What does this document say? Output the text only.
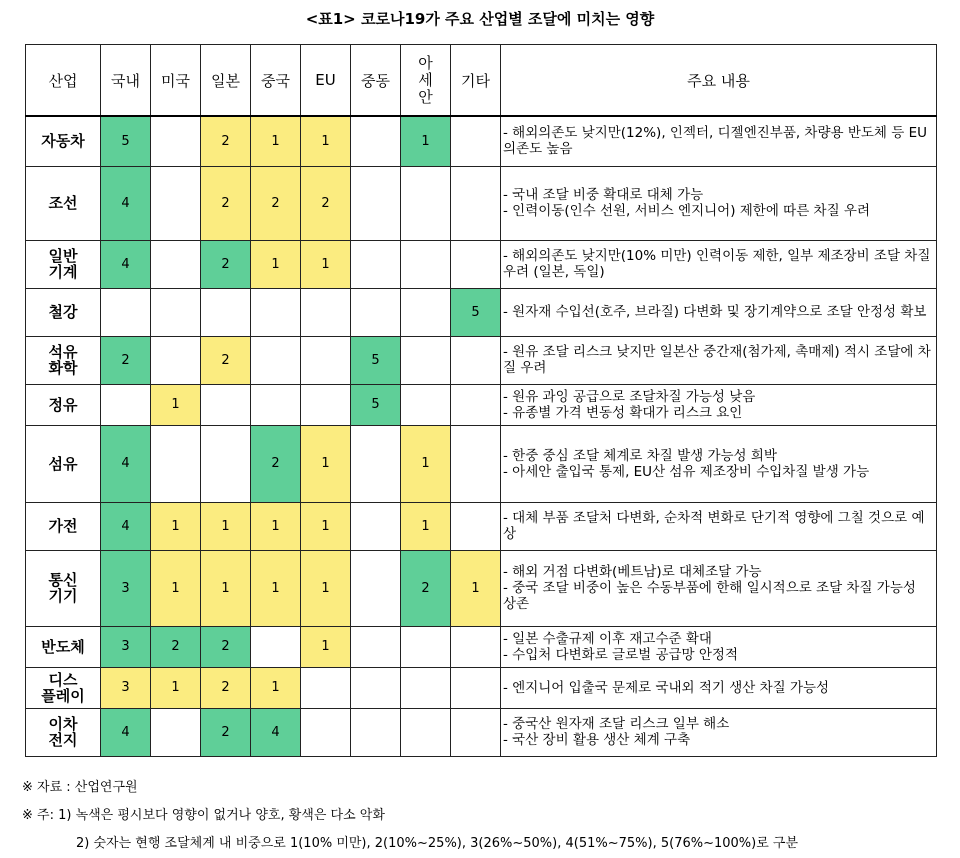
<표1> 코로나19가 주요 산업별 조달에 미치는 영향
산업	국내	미국	일본	중국	EU	중동	아세안	기타	주요 내용
자동차	5		2	1	1		1		- 해외의존도 낮지만(12%), 인젝터, 디젤엔진부품, 차량용 반도체 등 EU 의존도 높음
조선	4		2	2	2				- 국내 조달 비중 확대로 대체 가능
- 인력이동(인수 선원, 서비스 엔지니어) 제한에 따른 차질 우려
일반
기계	4		2	1	1				- 해외의존도 낮지만(10% 미만) 인력이동 제한, 일부 제조장비 조달 차질 우려 (일본, 독일)
철강								5	- 원자재 수입선(호주, 브라질) 다변화 및 장기계약으로 조달 안정성 확보
석유
화학	2		2			5			- 원유 조달 리스크 낮지만 일본산 중간재(첨가제, 촉매제) 적시 조달에 차질 우려
정유		1				5			- 원유 과잉 공급으로 조달차질 가능성 낮음
- 유종별 가격 변동성 확대가 리스크 요인
섬유	4			2	1		1		- 한중 중심 조달 체계로 차질 발생 가능성 희박
- 아세안 출입국 통제, EU산 섬유 제조장비 수입차질 발생 가능
가전	4	1	1	1	1		1		- 대체 부품 조달처 다변화, 순차적 변화로 단기적 영향에 그칠 것으로 예상
통신
기기	3	1	1	1	1		2	1	- 해외 거점 다변화(베트남)로 대체조달 가능
- 중국 조달 비중이 높은 수동부품에 한해 일시적으로 조달 차질 가능성 상존
반도체	3	2	2		1				- 일본 수출규제 이후 재고수준 확대
- 수입처 다변화로 글로벌 공급망 안정적
디스
플레이	3	1	2	1					- 엔지니어 입출국 문제로 국내외 적기 생산 차질 가능성
이차
전지	4		2	4					- 중국산 원자재 조달 리스크 일부 해소
- 국산 장비 활용 생산 체계 구축
※ 자료 : 산업연구원
※ 주: 1) 녹색은 평시보다 영향이 없거나 양호, 황색은 다소 악화
2) 숫자는 현행 조달체계 내 비중으로 1(10% 미만), 2(10%~25%), 3(26%~50%), 4(51%~75%), 5(76%~100%)로 구분
